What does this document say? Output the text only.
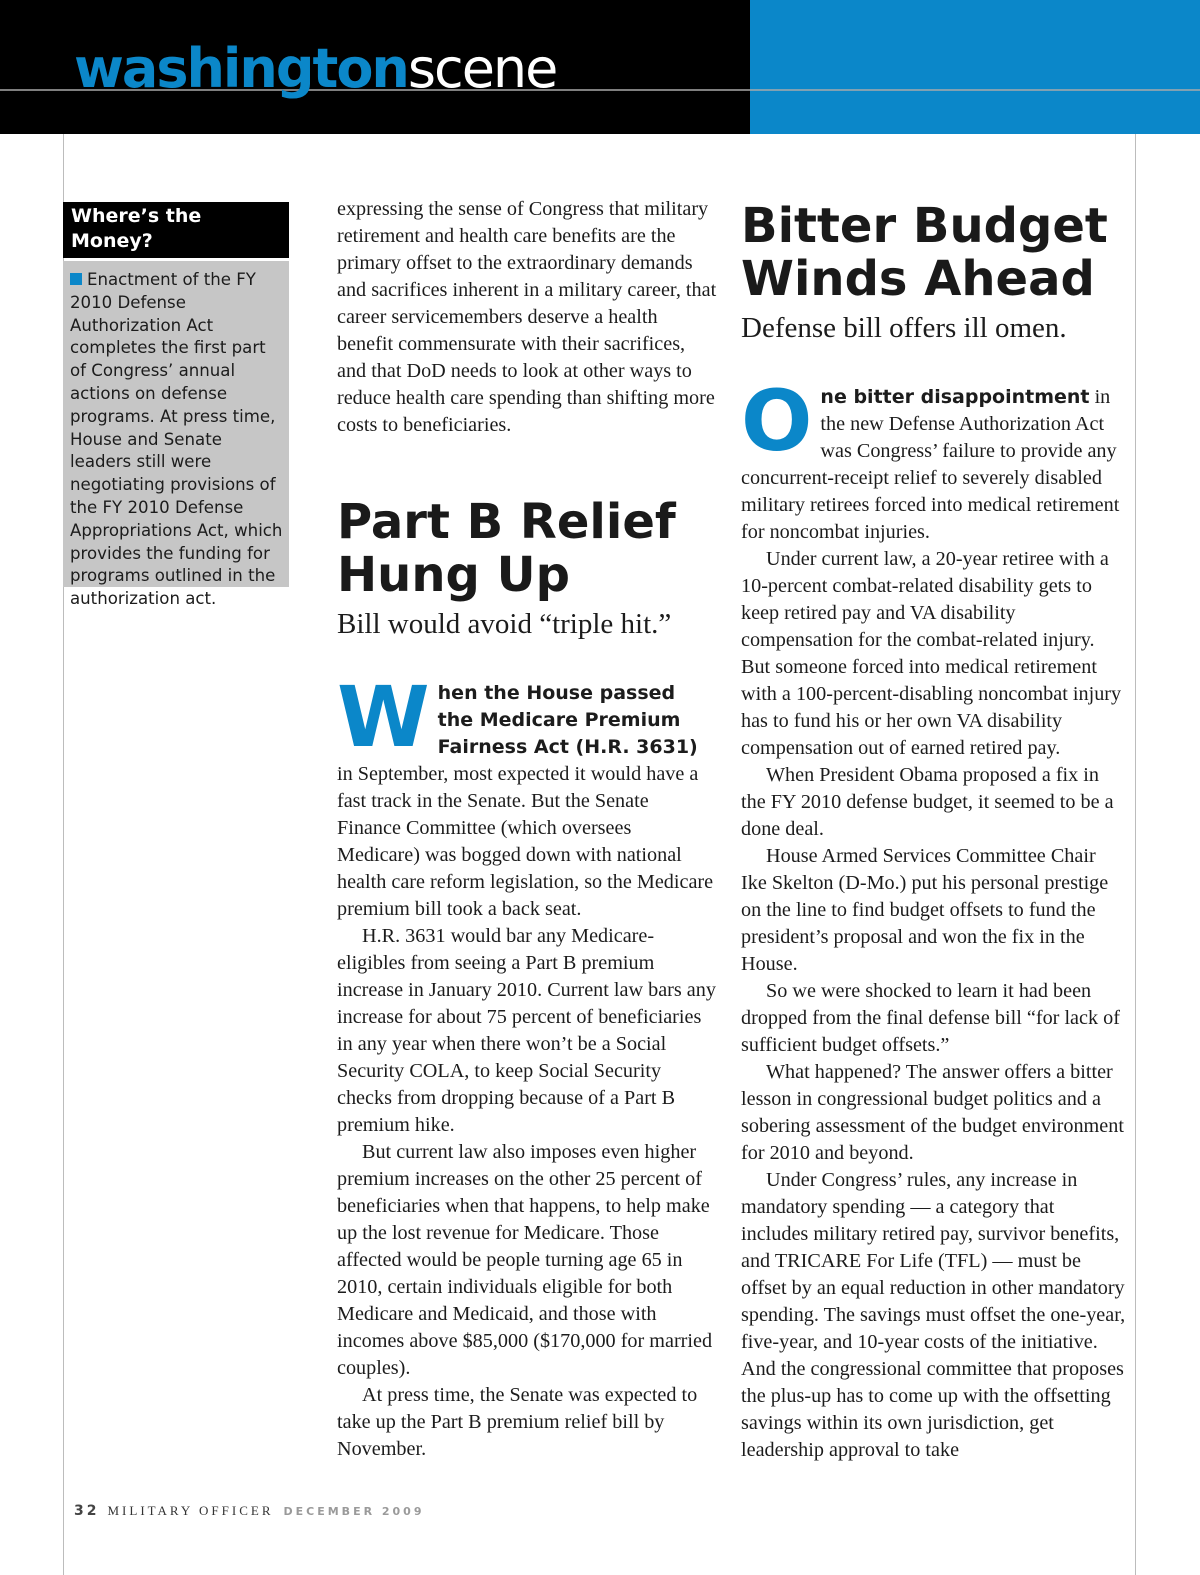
washingtonscene
Where’s the Money?
Enactment of the FY 2010 Defense Authorization Act completes the first part of Congress’ annual actions on defense programs. At press time, House and Senate leaders still were negotiating provisions of the FY 2010 Defense Appropriations Act, which provides the funding for programs outlined in the authorization act.

expressing the sense of Congress that military retirement and health care benefits are the primary offset to the extraordinary demands and sacrifices inherent in a military career, that career servicemembers deserve a health benefit commensurate with their sacrifices, and that DoD needs to look at other ways to reduce health care spending than shifting more costs to beneficiaries.

Part B Relief Hung Up
Bill would avoid “triple hit.”

When the House passed the Medicare Premium Fairness Act (H.R. 3631) in September, most expected it would have a fast track in the Senate. But the Senate Finance Committee (which oversees Medicare) was bogged down with national health care reform legislation, so the Medicare premium bill took a back seat.

H.R. 3631 would bar any Medicare-eligibles from seeing a Part B premium increase in January 2010. Current law bars any increase for about 75 percent of beneficiaries in any year when there won’t be a Social Security COLA, to keep Social Security checks from dropping because of a Part B premium hike.

But current law also imposes even higher premium increases on the other 25 percent of beneficiaries when that happens, to help make up the lost revenue for Medicare. Those affected would be people turning age 65 in 2010, certain individuals eligible for both Medicare and Medicaid, and those with incomes above $85,000 ($170,000 for married couples).

At press time, the Senate was expected to take up the Part B premium relief bill by November.

Bitter Budget Winds Ahead
Defense bill offers ill omen.

One bitter disappointment in the new Defense Authorization Act was Congress’ failure to provide any concurrent-receipt relief to severely disabled military retirees forced into medical retirement for noncombat injuries.

Under current law, a 20-year retiree with a 10-percent combat-related disability gets to keep retired pay and VA disability compensation for the combat-related injury. But someone forced into medical retirement with a 100-percent-disabling noncombat injury has to fund his or her own VA disability compensation out of earned retired pay.

When President Obama proposed a fix in the FY 2010 defense budget, it seemed to be a done deal.

House Armed Services Committee Chair Ike Skelton (D-Mo.) put his personal prestige on the line to find budget offsets to fund the president’s proposal and won the fix in the House.

So we were shocked to learn it had been dropped from the final defense bill “for lack of sufficient budget offsets.”

What happened? The answer offers a bitter lesson in congressional budget politics and a sobering assessment of the budget environment for 2010 and beyond.

Under Congress’ rules, any increase in mandatory spending — a category that includes military retired pay, survivor benefits, and TRICARE For Life (TFL) — must be offset by an equal reduction in other mandatory spending. The savings must offset the one-year, five-year, and 10-year costs of the initiative. And the congressional committee that proposes the plus-up has to come up with the offsetting savings within its own jurisdiction, get leadership approval to take

32 MILITARY OFFICER DECEMBER 2009
